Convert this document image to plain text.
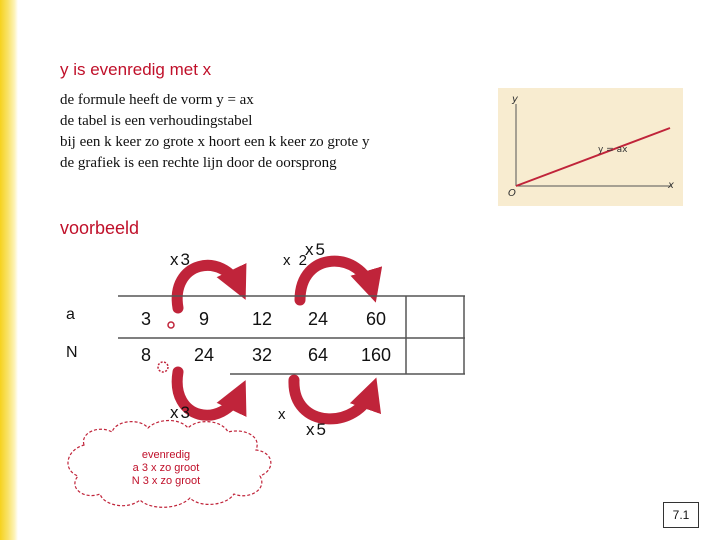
y is evenredig met x
de formule heeft de vorm y = ax
de tabel is een verhoudingstabel
bij een k keer zo grote x hoort een k keer zo grote y
de grafiek is een rechte lijn door de oorsprong
y
x
O
y = ax
voorbeeld
x3	x 2
x5
x3	x
x5
a
N
3	9	12	24	60
8	24	32	64	160
evenredig
a 3 x zo groot
N 3 x zo groot
7.1
